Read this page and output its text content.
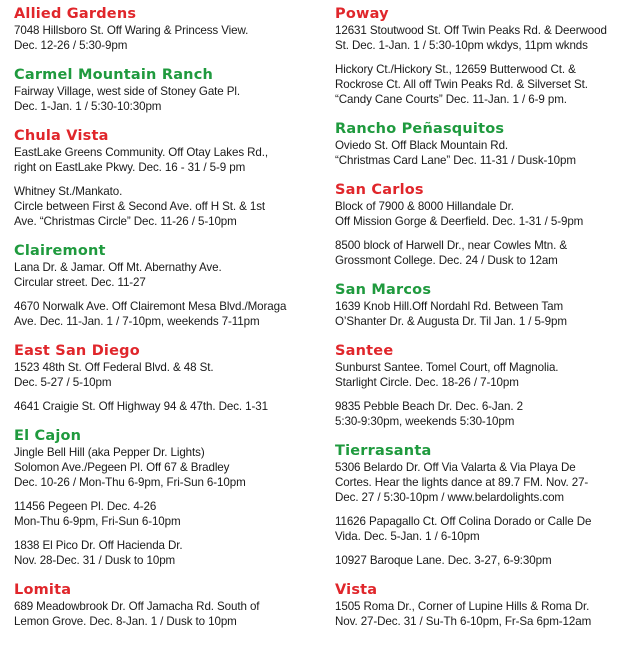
Allied Gardens
7048 Hillsboro St. Off Waring & Princess View.
Dec. 12-26 / 5:30-9pm
Carmel Mountain Ranch
Fairway Village, west side of Stoney Gate Pl.
Dec. 1-Jan. 1 / 5:30-10:30pm
Chula Vista
EastLake Greens Community. Off Otay Lakes Rd.,
right on EastLake Pkwy. Dec. 16 - 31 / 5-9 pm
Whitney St./Mankato.
Circle between First & Second Ave. off H St. & 1st
Ave. “Christmas Circle” Dec. 11-26 / 5-10pm
Clairemont
Lana Dr. & Jamar. Off Mt. Abernathy Ave.
Circular street. Dec. 11-27
4670 Norwalk Ave. Off Clairemont Mesa Blvd./Moraga
Ave. Dec. 11-Jan. 1 / 7-10pm, weekends 7-11pm
East San Diego
1523 48th St. Off Federal Blvd. & 48 St.
Dec. 5-27 / 5-10pm
4641 Craigie St. Off Highway 94 & 47th. Dec. 1-31
El Cajon
Jingle Bell Hill (aka Pepper Dr. Lights)
Solomon Ave./Pegeen Pl. Off 67 & Bradley
Dec. 10-26 / Mon-Thu 6-9pm, Fri-Sun 6-10pm
11456 Pegeen Pl. Dec. 4-26
Mon-Thu 6-9pm, Fri-Sun 6-10pm
1838 El Pico Dr. Off Hacienda Dr.
Nov. 28-Dec. 31 / Dusk to 10pm
Lomita
689 Meadowbrook Dr. Off Jamacha Rd. South of
Lemon Grove. Dec. 8-Jan. 1 / Dusk to 10pm
Poway
12631 Stoutwood St. Off Twin Peaks Rd. & Deerwood
St. Dec. 1-Jan. 1 / 5:30-10pm wkdys, 11pm wknds
Hickory Ct./Hickory St., 12659 Butterwood Ct. &
Rockrose Ct. All off Twin Peaks Rd. & Silverset St.
“Candy Cane Courts” Dec. 11-Jan. 1 / 6-9 pm.
Rancho Peñasquitos
Oviedo St. Off Black Mountain Rd.
“Christmas Card Lane” Dec. 11-31 / Dusk-10pm
San Carlos
Block of 7900 & 8000 Hillandale Dr.
Off Mission Gorge & Deerfield. Dec. 1-31 / 5-9pm
8500 block of Harwell Dr., near Cowles Mtn. &
Grossmont College. Dec. 24 / Dusk to 12am
San Marcos
1639 Knob Hill.Off Nordahl Rd. Between Tam
O’Shanter Dr. & Augusta Dr. Til Jan. 1 / 5-9pm
Santee
Sunburst Santee. Tomel Court, off Magnolia.
Starlight Circle. Dec. 18-26 / 7-10pm
9835 Pebble Beach Dr. Dec. 6-Jan. 2
5:30-9:30pm, weekends 5:30-10pm
Tierrasanta
5306 Belardo Dr. Off Via Valarta & Via Playa De
Cortes. Hear the lights dance at 89.7 FM. Nov. 27-
Dec. 27 / 5:30-10pm / www.belardolights.com
11626 Papagallo Ct. Off Colina Dorado or Calle De
Vida. Dec. 5-Jan. 1 / 6-10pm
10927 Baroque Lane. Dec. 3-27, 6-9:30pm
Vista
1505 Roma Dr., Corner of Lupine Hills & Roma Dr.
Nov. 27-Dec. 31 / Su-Th 6-10pm, Fr-Sa 6pm-12am
